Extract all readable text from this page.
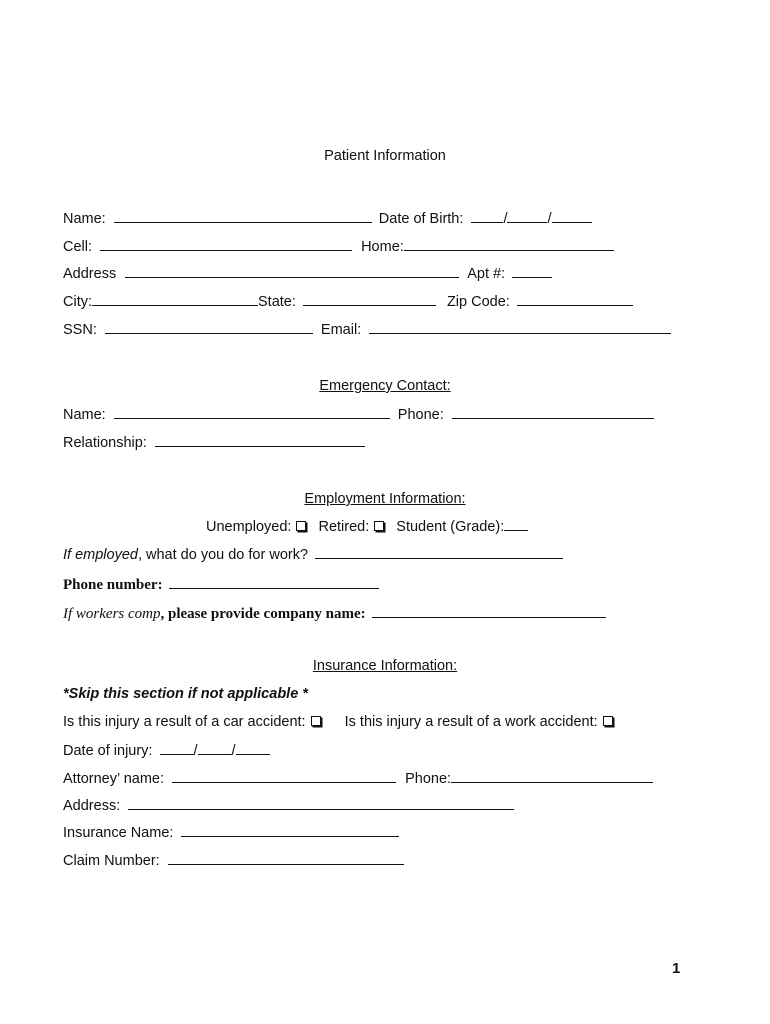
Patient Information
Name:	Date of Birth:	/	/
Cell:	Home:
Address	Apt #:
City:	State:	Zip Code:
SSN:	Email:
Emergency Contact:
Name:	Phone:
Relationship:
Employment Information:
Unemployed: Retired: Student (Grade):
If employed, what do you do for work?
Phone number:
If workers comp, please provide company name:
Insurance Information:
*Skip this section if not applicable *
Is this injury a result of a car accident:	Is this injury a result of a work accident:
Date of injury:	/ /
Attorney’ name:	Phone:
Address:
Insurance Name:
Claim Number:
1
